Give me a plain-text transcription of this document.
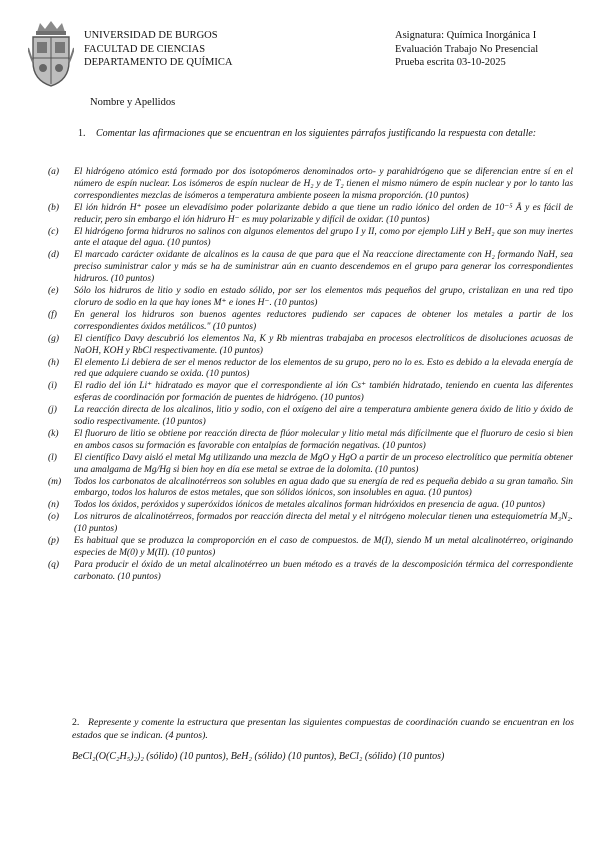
UNIVERSIDAD DE BURGOS
FACULTAD DE CIENCIAS
DEPARTAMENTO DE QUÍMICA
Asignatura: Química Inorgánica I
Evaluación Trabajo No Presencial
Prueba escrita 03-10-2025
Nombre y Apellidos
1. Comentar las afirmaciones que se encuentran en los siguientes párrafos justificando la respuesta con detalle:
(a) El hidrógeno atómico está formado por dos isotopómeros denominados orto- y parahidrógeno que se diferencian entre sí en el número de espín nuclear. Los isómeros de espín nuclear de H₂ y de T₂ tienen el mismo número de espín nuclear y por lo tanto las correspondientes mezclas de isómeros a temperatura ambiente poseen la misma proporción. (10 puntos)
(b) El ión hidrón H⁺ posee un elevadísimo poder polarizante debido a que tiene un radio iónico del orden de 10⁻⁵ Å y es fácil de reducir, pero sin embargo el ión hidruro H⁻ es muy polarizable y difícil de oxidar. (10 puntos)
(c) El hidrógeno forma hidruros no salinos con algunos elementos del grupo I y II, como por ejemplo LiH y BeH₂ que son muy inertes ante el ataque del agua. (10 puntos)
(d) El marcado carácter oxidante de alcalinos es la causa de que para que el Na reaccione directamente con H₂ formando NaH, sea preciso suministrar calor y más se ha de suministrar aún en cuanto descendemos en el grupo para generar los correspondientes hidruros. (10 puntos)
(e) Sólo los hidruros de litio y sodio en estado sólido, por ser los elementos más pequeños del grupo, cristalizan en una red tipo cloruro de sodio en la que hay iones M⁺ e iones H⁻. (10 puntos)
(f) En general los hidruros son buenos agentes reductores pudiendo ser capaces de obtener los metales a partir de los correspondientes óxidos metálicos." (10 puntos)
(g) El científico Davy descubrió los elementos Na, K y Rb mientras trabajaba en procesos electrolíticos de disoluciones acuosas de NaOH, KOH y RbCl respectivamente. (10 puntos)
(h) El elemento Li debiera de ser el menos reductor de los elementos de su grupo, pero no lo es. Esto es debido a la elevada energía de red que adquiere cuando se oxida. (10 puntos)
(i) El radio del ión Li⁺ hidratado es mayor que el correspondiente al ión Cs⁺ también hidratado, teniendo en cuenta las diferentes esferas de coordinación por formación de puentes de hidrógeno. (10 puntos)
(j) La reacción directa de los alcalinos, litio y sodio, con el oxígeno del aire a temperatura ambiente genera óxido de litio y óxido de sodio respectivamente. (10 puntos)
(k) El fluoruro de litio se obtiene por reacción directa de flúor molecular y litio metal más difícilmente que el fluoruro de cesio si bien en ambos casos su formación es favorable con entalpías de formación negativas. (10 puntos)
(l) El científico Davy aisló el metal Mg utilizando una mezcla de MgO y HgO a partir de un proceso electrolítico que permitía obtener una amalgama de Mg/Hg si bien hoy en día ese metal se extrae de la dolomita. (10 puntos)
(m) Todos los carbonatos de alcalinotérreos son solubles en agua dado que su energía de red es pequeña debido a su gran tamaño. Sin embargo, todos los haluros de estos metales, que son sólidos iónicos, son insolubles en agua. (10 puntos)
(n) Todos los óxidos, peróxidos y superóxidos iónicos de metales alcalinos forman hidróxidos en presencia de agua. (10 puntos)
(o) Los nitruros de alcalinotérreos, formados por reacción directa del metal y el nitrógeno molecular tienen una estequiometría M₃N₂. (10 puntos)
(p) Es habitual que se produzca la comproporción en el caso de compuestos. de M(I), siendo M un metal alcalinotérreo, originando especies de M(0) y M(II). (10 puntos)
(q) Para producir el óxido de un metal alcalinotérreo un buen método es a través de la descomposición térmica del correspondiente carbonato. (10 puntos)
2. Represente y comente la estructura que presentan las siguientes compuestas de coordinación cuando se encuentran en los estados que se indican. (4 puntos).
BeCl₂(O(C₂H₅)₂)₂ (sólido) (10 puntos), BeH₂ (sólido) (10 puntos), BeCl₂ (sólido) (10 puntos)
